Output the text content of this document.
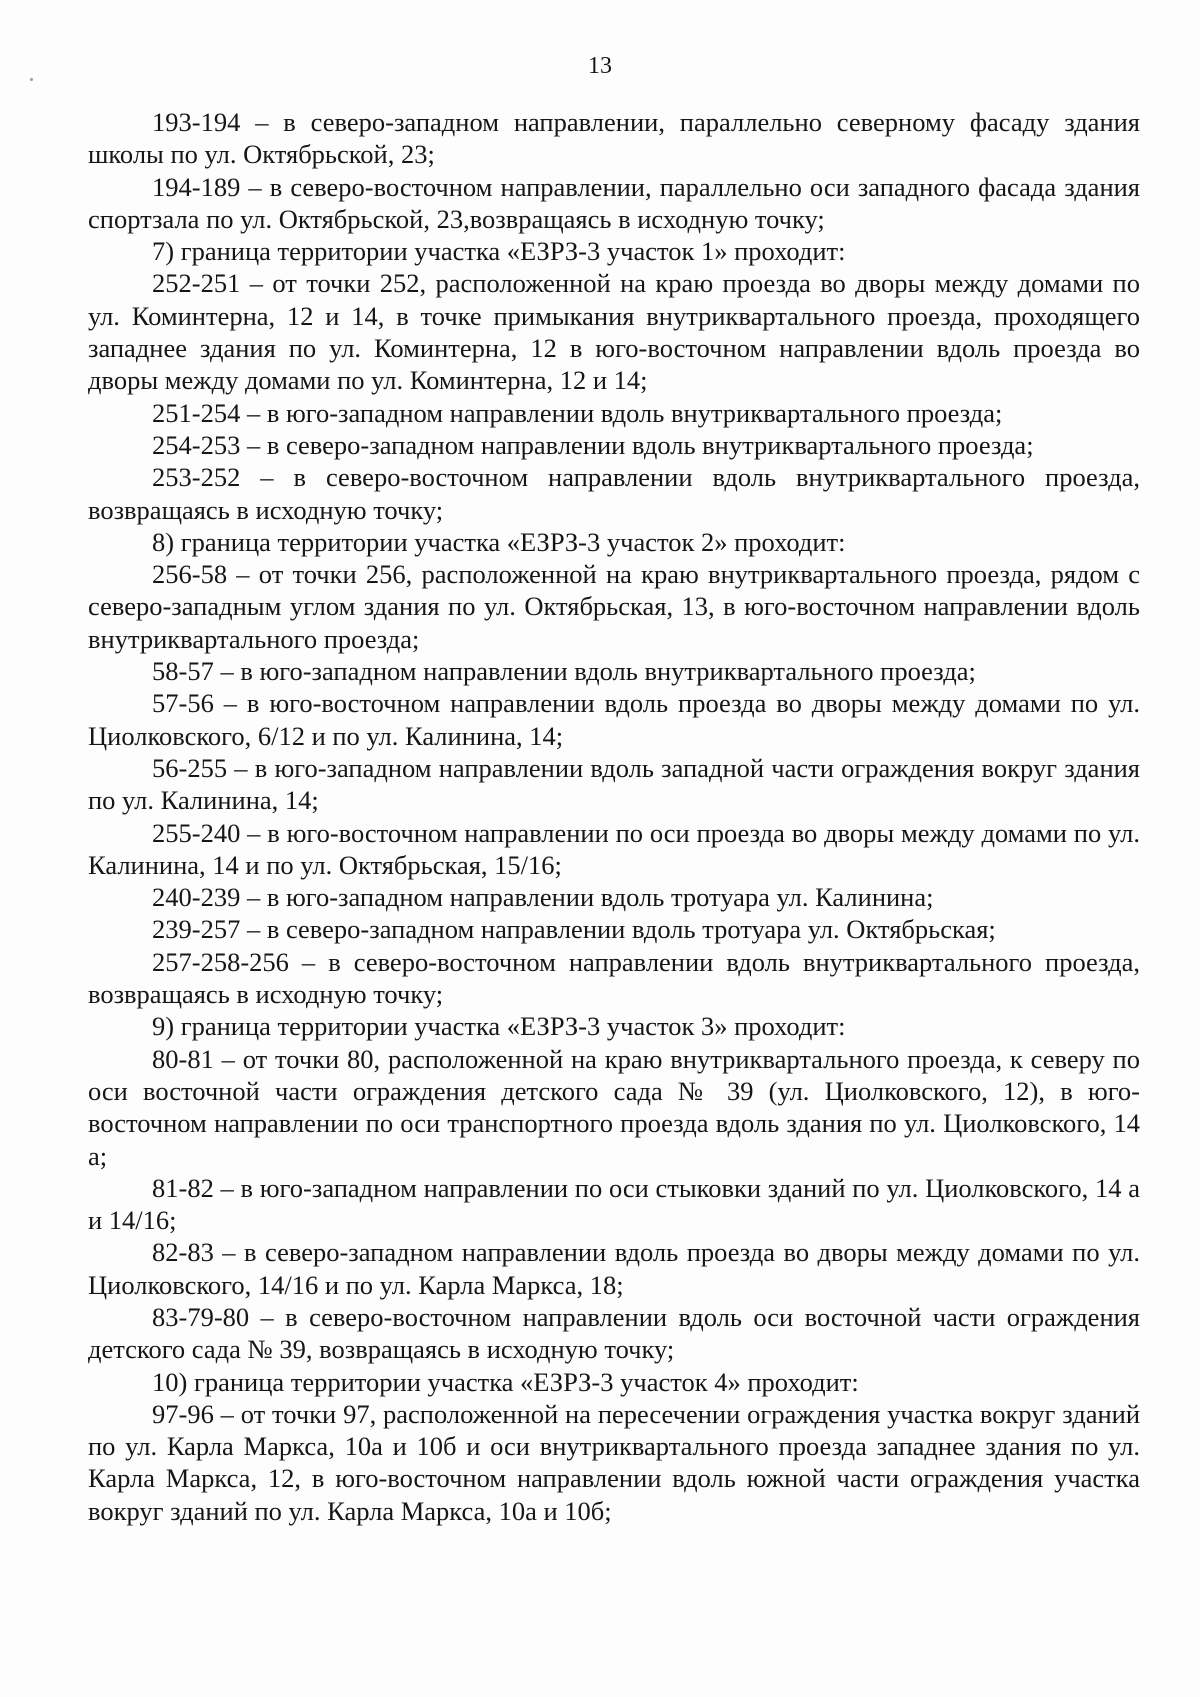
13

193-194 – в северо-западном направлении, параллельно северному фасаду здания школы по ул. Октябрьской, 23;

194-189 – в северо-восточном направлении, параллельно оси западного фасада здания спортзала по ул. Октябрьской, 23,возвращаясь в исходную точку;

7) граница территории участка «ЕЗРЗ-3 участок 1» проходит:

252-251 – от точки 252, расположенной на краю проезда во дворы между домами по ул. Коминтерна, 12 и 14, в точке примыкания внутриквартального проезда, проходящего западнее здания по ул. Коминтерна, 12 в юго-восточном направлении вдоль проезда во дворы между домами по ул. Коминтерна, 12 и 14;

251-254 – в юго-западном направлении вдоль внутриквартального проезда;

254-253 – в северо-западном направлении вдоль внутриквартального проезда;

253-252 – в северо-восточном направлении вдоль внутриквартального проезда, возвращаясь в исходную точку;

8) граница территории участка «ЕЗРЗ-3 участок 2» проходит:

256-58 – от точки 256, расположенной на краю внутриквартального проезда, рядом с северо-западным углом здания по ул. Октябрьская, 13, в юго-восточном направлении вдоль внутриквартального проезда;

58-57 – в юго-западном направлении вдоль внутриквартального проезда;

57-56 – в юго-восточном направлении вдоль проезда во дворы между домами по ул. Циолковского, 6/12 и по ул. Калинина, 14;

56-255 – в юго-западном направлении вдоль западной части ограждения вокруг здания по ул. Калинина, 14;

255-240 – в юго-восточном направлении по оси проезда во дворы между домами по ул. Калинина, 14 и по ул. Октябрьская, 15/16;

240-239 – в юго-западном направлении вдоль тротуара ул. Калинина;

239-257 – в северо-западном направлении вдоль тротуара ул. Октябрьская;

257-258-256 – в северо-восточном направлении вдоль внутриквартального проезда, возвращаясь в исходную точку;

9) граница территории участка «ЕЗРЗ-3 участок 3» проходит:

80-81 – от точки 80, расположенной на краю внутриквартального проезда, к северу по оси восточной части ограждения детского сада № 39 (ул. Циолковского, 12), в юго-восточном направлении по оси транспортного проезда вдоль здания по ул. Циолковского, 14 а;

81-82 – в юго-западном направлении по оси стыковки зданий по ул. Циолковского, 14 а и 14/16;

82-83 – в северо-западном направлении вдоль проезда во дворы между домами по ул. Циолковского, 14/16 и по ул. Карла Маркса, 18;

83-79-80 – в северо-восточном направлении вдоль оси восточной части ограждения детского сада № 39, возвращаясь в исходную точку;

10) граница территории участка «ЕЗРЗ-3 участок 4» проходит:

97-96 – от точки 97, расположенной на пересечении ограждения участка вокруг зданий по ул. Карла Маркса, 10а и 10б и оси внутриквартального проезда западнее здания по ул. Карла Маркса, 12, в юго-восточном направлении вдоль южной части ограждения участка вокруг зданий по ул. Карла Маркса, 10а и 10б;
